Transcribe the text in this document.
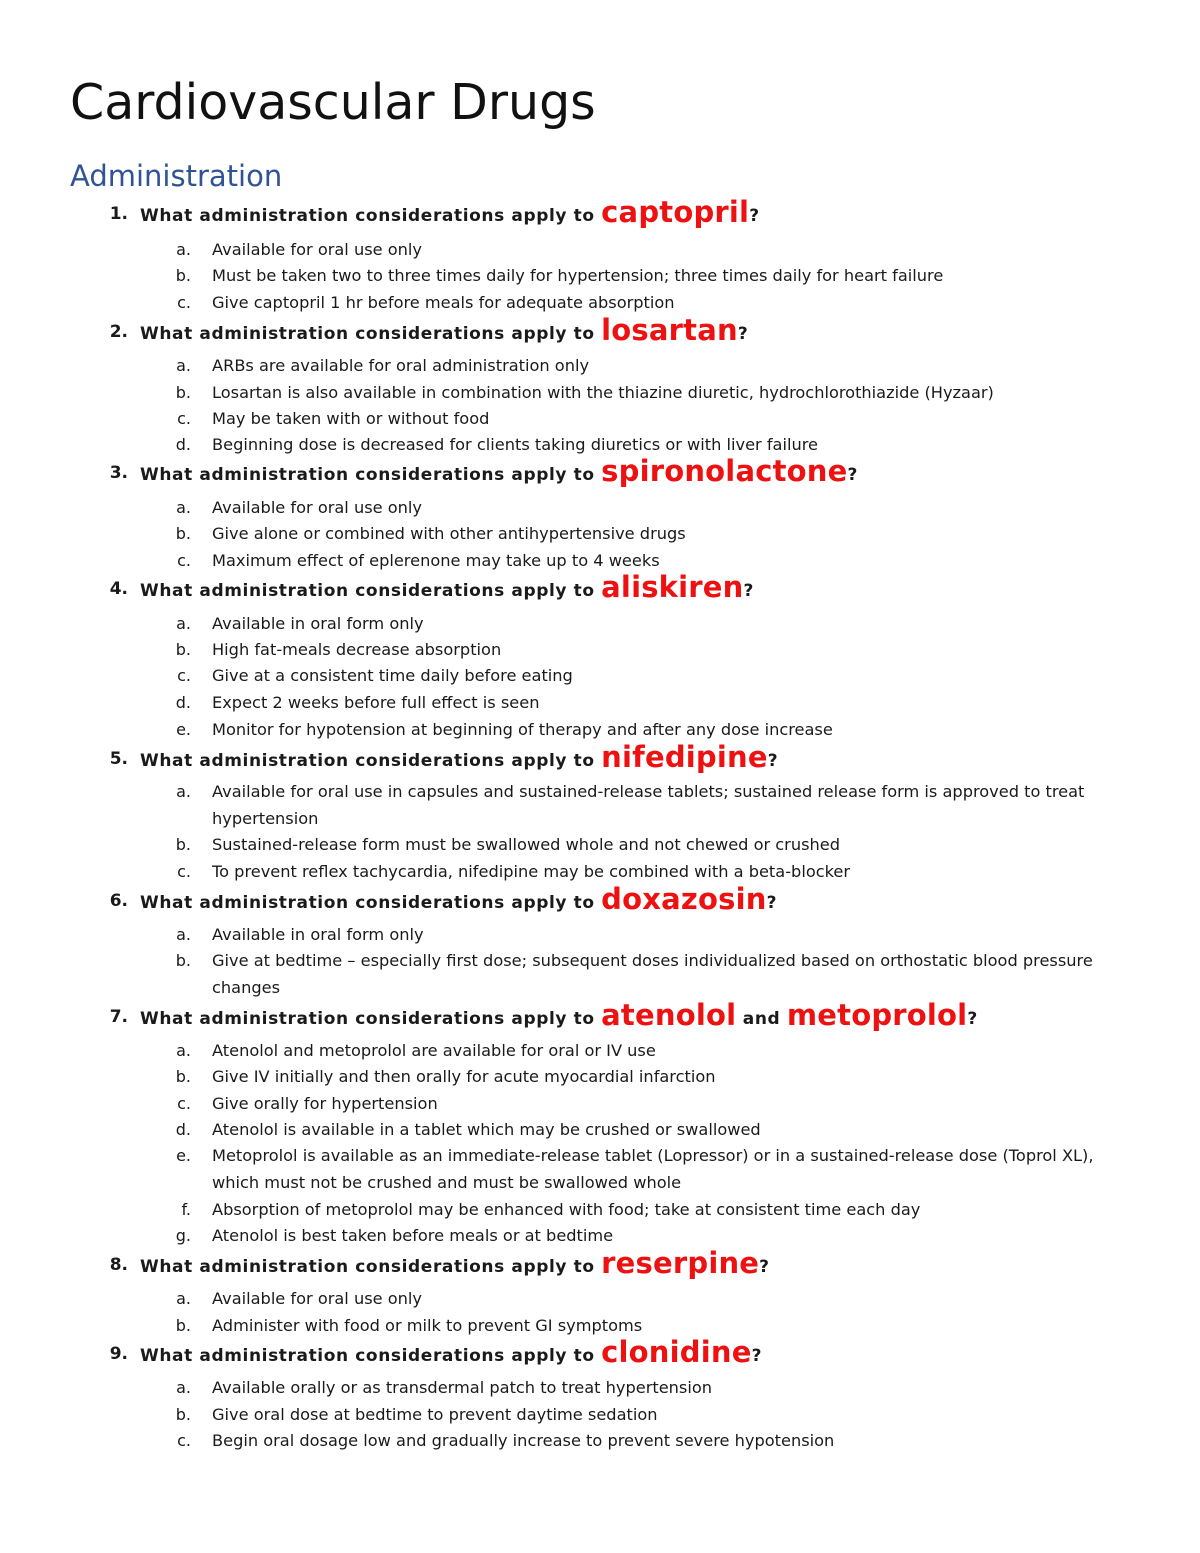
Cardiovascular Drugs
Administration
1. What administration considerations apply to captopril?
a. Available for oral use only
b. Must be taken two to three times daily for hypertension; three times daily for heart failure
c. Give captopril 1 hr before meals for adequate absorption
2. What administration considerations apply to losartan?
a. ARBs are available for oral administration only
b. Losartan is also available in combination with the thiazine diuretic, hydrochlorothiazide (Hyzaar)
c. May be taken with or without food
d. Beginning dose is decreased for clients taking diuretics or with liver failure
3. What administration considerations apply to spironolactone?
a. Available for oral use only
b. Give alone or combined with other antihypertensive drugs
c. Maximum effect of eplerenone may take up to 4 weeks
4. What administration considerations apply to aliskiren?
a. Available in oral form only
b. High fat-meals decrease absorption
c. Give at a consistent time daily before eating
d. Expect 2 weeks before full effect is seen
e. Monitor for hypotension at beginning of therapy and after any dose increase
5. What administration considerations apply to nifedipine?
a. Available for oral use in capsules and sustained-release tablets; sustained release form is approved to treat hypertension
b. Sustained-release form must be swallowed whole and not chewed or crushed
c. To prevent reflex tachycardia, nifedipine may be combined with a beta-blocker
6. What administration considerations apply to doxazosin?
a. Available in oral form only
b. Give at bedtime – especially first dose; subsequent doses individualized based on orthostatic blood pressure changes
7. What administration considerations apply to atenolol and metoprolol?
a. Atenolol and metoprolol are available for oral or IV use
b. Give IV initially and then orally for acute myocardial infarction
c. Give orally for hypertension
d. Atenolol is available in a tablet which may be crushed or swallowed
e. Metoprolol is available as an immediate-release tablet (Lopressor) or in a sustained-release dose (Toprol XL), which must not be crushed and must be swallowed whole
f. Absorption of metoprolol may be enhanced with food; take at consistent time each day
g. Atenolol is best taken before meals or at bedtime
8. What administration considerations apply to reserpine?
a. Available for oral use only
b. Administer with food or milk to prevent GI symptoms
9. What administration considerations apply to clonidine?
a. Available orally or as transdermal patch to treat hypertension
b. Give oral dose at bedtime to prevent daytime sedation
c. Begin oral dosage low and gradually increase to prevent severe hypotension
